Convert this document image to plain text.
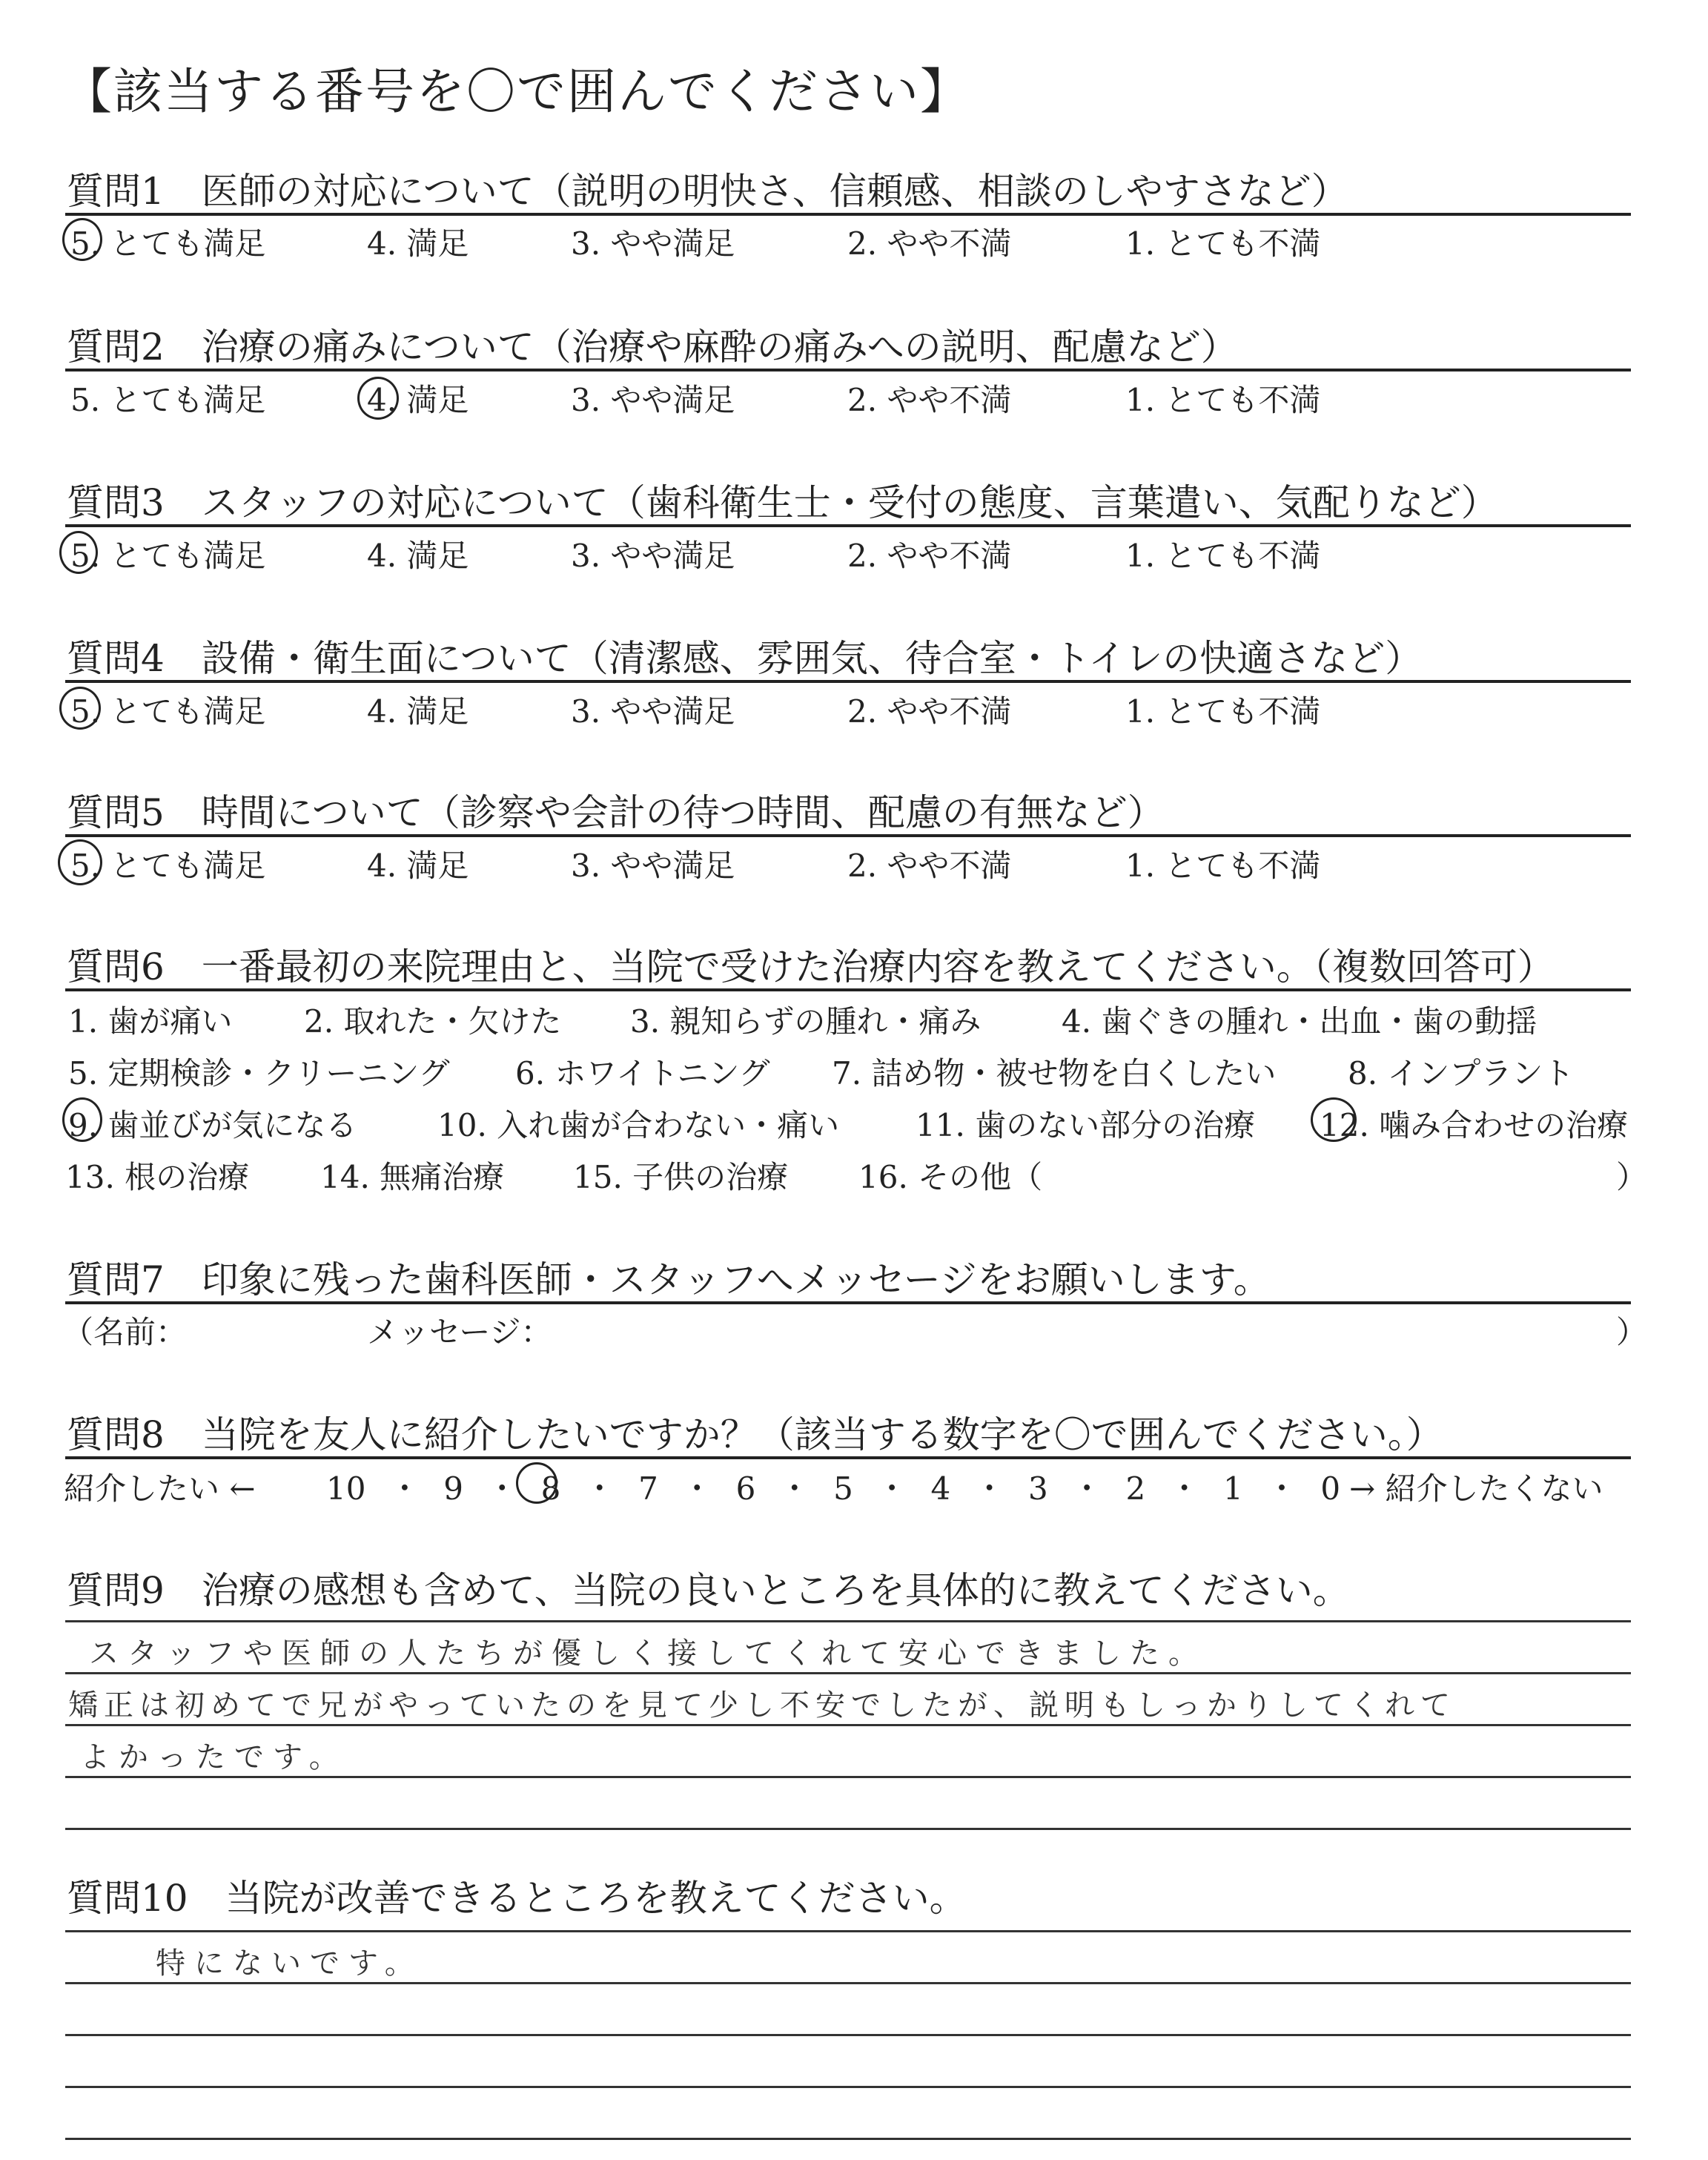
【該当する番号を〇で囲んでください】
質問1　医師の対応について（説明の明快さ、信頼感、相談のしやすさなど）
5. とても満足	4. 満足	3. やや満足	2. やや不満	1. とても不満
質問2　治療の痛みについて（治療や麻酔の痛みへの説明、配慮など）
5. とても満足	4. 満足	3. やや満足	2. やや不満	1. とても不満
質問3　スタッフの対応について（歯科衛生士・受付の態度、言葉遣い、気配りなど）
5. とても満足	4. 満足	3. やや満足	2. やや不満	1. とても不満
質問4　設備・衛生面について（清潔感、雰囲気、待合室・トイレの快適さなど）
5. とても満足	4. 満足	3. やや満足	2. やや不満	1. とても不満
質問5　時間について（診察や会計の待つ時間、配慮の有無など）
5. とても満足	4. 満足	3. やや満足	2. やや不満	1. とても不満
質問6　一番最初の来院理由と、当院で受けた治療内容を教えてください。（複数回答可）
1. 歯が痛い 2. 取れた・欠けた 3. 親知らずの腫れ・痛み	4. 歯ぐきの腫れ・出血・歯の動揺
5. 定期検診・クリーニング 6. ホワイトニング 7. 詰め物・被せ物を白くしたい 8. インプラント
9. 歯並びが気になる	10. 入れ歯が合わない・痛い 11. 歯のない部分の治療 12. 噛み合わせの治療
13. 根の治療 14. 無痛治療 15. 子供の治療 16. その他（	）
質問7　印象に残った歯科医師・スタッフへメッセージをお願いします。
（名前：	メッセージ：	）
質問8　当院を友人に紹介したいですか？（該当する数字を〇で囲んでください。）
紹介したい ← 10 ・ 9 ・ 8 ・ 7 ・ 6 ・ 5 ・ 4 ・ 3 ・ 2 ・ 1 ・ 0 → 紹介したくない
質問9　治療の感想も含めて、当院の良いところを具体的に教えてください。
スタッフや医師の人たちが優しく接してくれて安心できました。
矯正は初めてで兄がやっていたのを見て少し不安でしたが、説明もしっかりしてくれて
よかったです。
質問10　当院が改善できるところを教えてください。
特にないです。
